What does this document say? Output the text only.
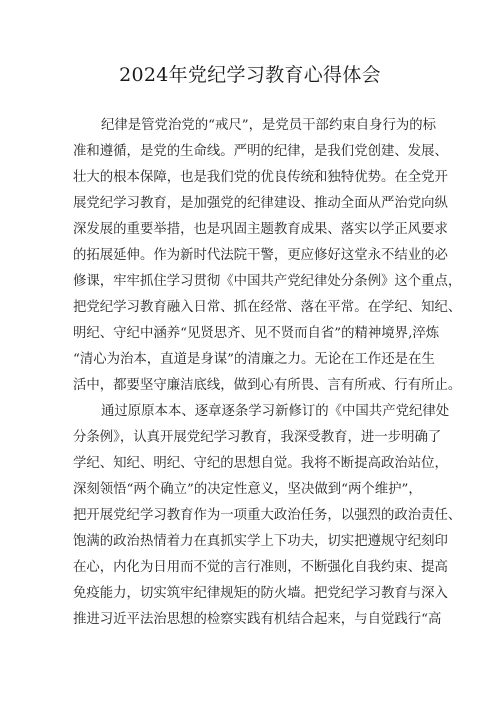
2024年党纪学习教育心得体会
纪律是管党治党的“戒尺”，是党员干部约束自身行为的标
准和遵循，是党的生命线。严明的纪律，是我们党创建、发展、
壮大的根本保障，也是我们党的优良传统和独特优势。在全党开
展党纪学习教育，是加强党的纪律建设、推动全面从严治党向纵
深发展的重要举措，也是巩固主题教育成果、落实以学正风要求
的拓展延伸。作为新时代法院干警，更应修好这堂永不结业的必
修课，牢牢抓住学习贯彻《中国共产党纪律处分条例》这个重点，
把党纪学习教育融入日常、抓在经常、落在平常。在学纪、知纪、
明纪、守纪中涵养“见贤思齐、见不贤而自省”的精神境界,淬炼
“清心为治本，直道是身谋”的清廉之力。无论在工作还是在生
活中，都要坚守廉洁底线，做到心有所畏、言有所戒、行有所止。
通过原原本本、逐章逐条学习新修订的《中国共产党纪律处
分条例》，认真开展党纪学习教育，我深受教育，进一步明确了
学纪、知纪、明纪、守纪的思想自觉。我将不断提高政治站位，
深刻领悟“两个确立”的决定性意义，坚决做到“两个维护”，
把开展党纪学习教育作为一项重大政治任务，以强烈的政治责任、
饱满的政治热情着力在真抓实学上下功夫，切实把遵规守纪刻印
在心，内化为日用而不觉的言行准则，不断强化自我约束、提高
免疫能力，切实筑牢纪律规矩的防火墙。把党纪学习教育与深入
推进习近平法治思想的检察实践有机结合起来，与自觉践行“高
